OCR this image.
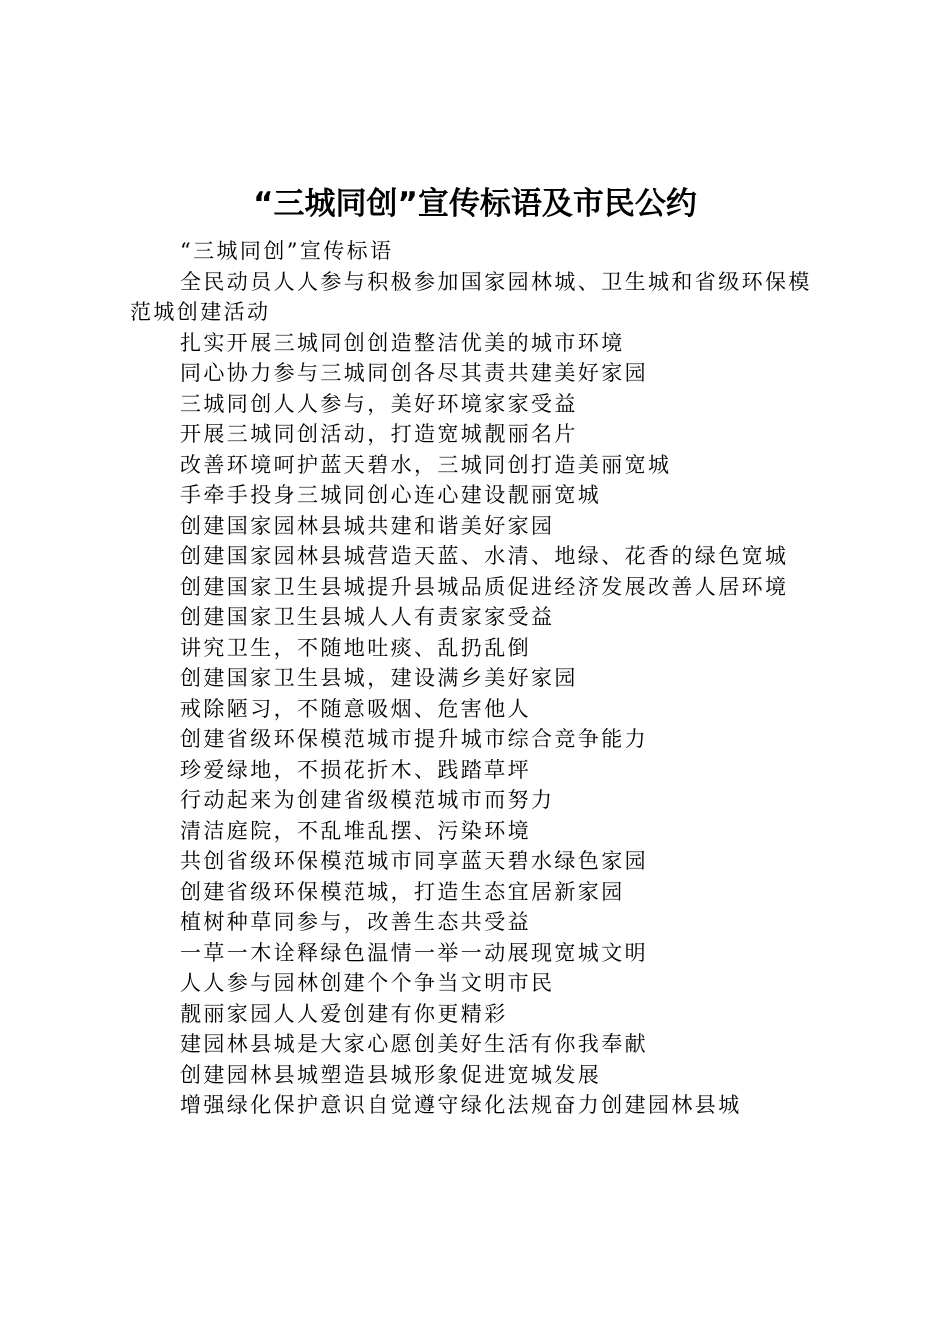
“三城同创”宣传标语及市民公约

“三城同创”宣传标语

全民动员人人参与积极参加国家园林城、卫生城和省级环保模范城创建活动

扎实开展三城同创创造整洁优美的城市环境

同心协力参与三城同创各尽其责共建美好家园

三城同创人人参与，美好环境家家受益

开展三城同创活动，打造宽城靓丽名片

改善环境呵护蓝天碧水，三城同创打造美丽宽城

手牵手投身三城同创心连心建设靓丽宽城

创建国家园林县城共建和谐美好家园

创建国家园林县城营造天蓝、水清、地绿、花香的绿色宽城

创建国家卫生县城提升县城品质促进经济发展改善人居环境

创建国家卫生县城人人有责家家受益

讲究卫生，不随地吐痰、乱扔乱倒

创建国家卫生县城，建设满乡美好家园

戒除陋习，不随意吸烟、危害他人

创建省级环保模范城市提升城市综合竞争能力

珍爱绿地，不损花折木、践踏草坪

行动起来为创建省级模范城市而努力

清洁庭院，不乱堆乱摆、污染环境

共创省级环保模范城市同享蓝天碧水绿色家园

创建省级环保模范城，打造生态宜居新家园

植树种草同参与，改善生态共受益

一草一木诠释绿色温情一举一动展现宽城文明

人人参与园林创建个个争当文明市民

靓丽家园人人爱创建有你更精彩

建园林县城是大家心愿创美好生活有你我奉献

创建园林县城塑造县城形象促进宽城发展

增强绿化保护意识自觉遵守绿化法规奋力创建园林县城
